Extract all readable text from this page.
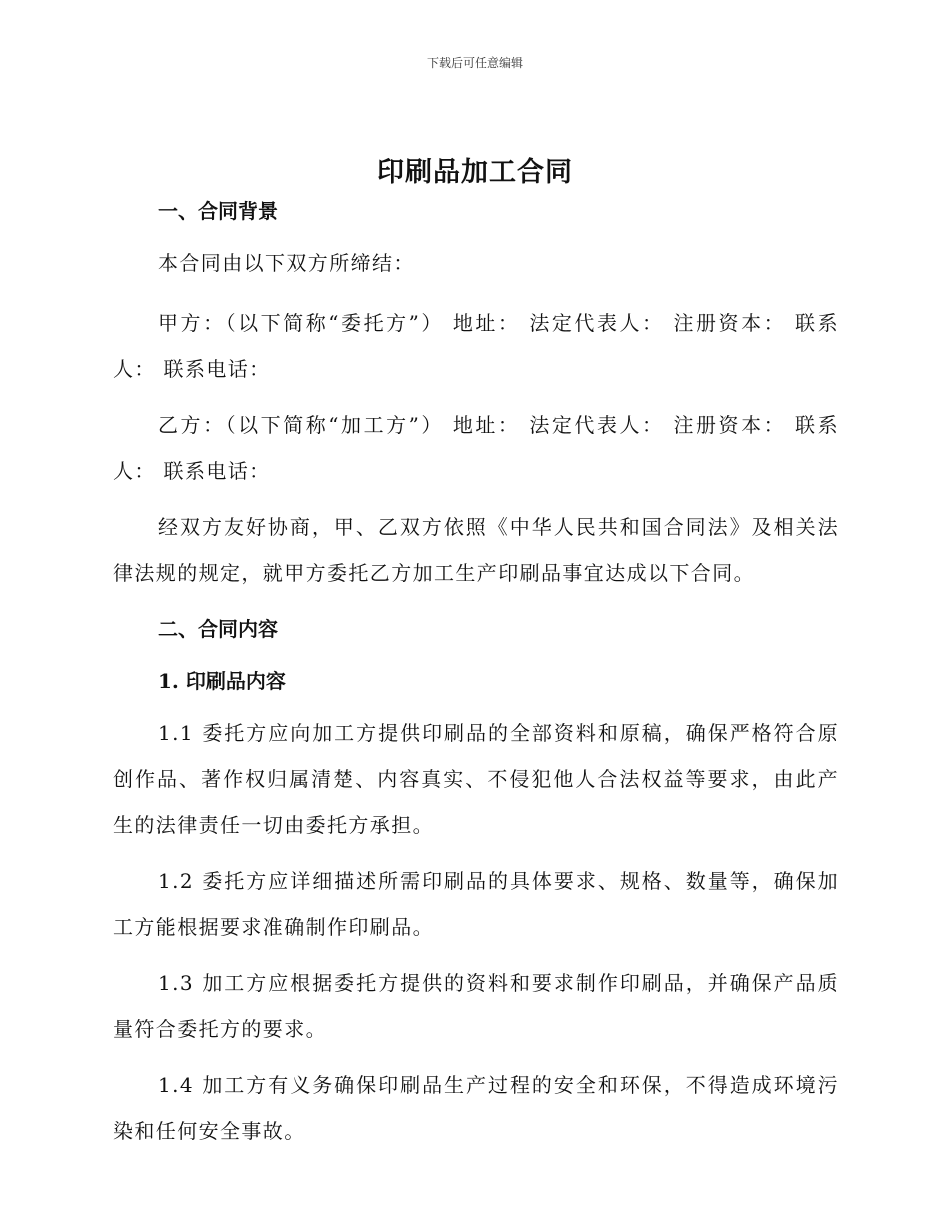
下载后可任意编辑
印刷品加工合同

一、合同背景

本合同由以下双方所缔结：

甲方：（以下简称“委托方”） 地址： 法定代表人： 注册资本： 联系人： 联系电话：

乙方：（以下简称“加工方”） 地址： 法定代表人： 注册资本： 联系人： 联系电话：

经双方友好协商，甲、乙双方依照《中华人民共和国合同法》及相关法律法规的规定，就甲方委托乙方加工生产印刷品事宜达成以下合同。

二、合同内容

1. 印刷品内容

1.1 委托方应向加工方提供印刷品的全部资料和原稿，确保严格符合原创作品、著作权归属清楚、内容真实、不侵犯他人合法权益等要求，由此产生的法律责任一切由委托方承担。

1.2 委托方应详细描述所需印刷品的具体要求、规格、数量等，确保加工方能根据要求准确制作印刷品。

1.3 加工方应根据委托方提供的资料和要求制作印刷品，并确保产品质量符合委托方的要求。

1.4 加工方有义务确保印刷品生产过程的安全和环保，不得造成环境污染和任何安全事故。
